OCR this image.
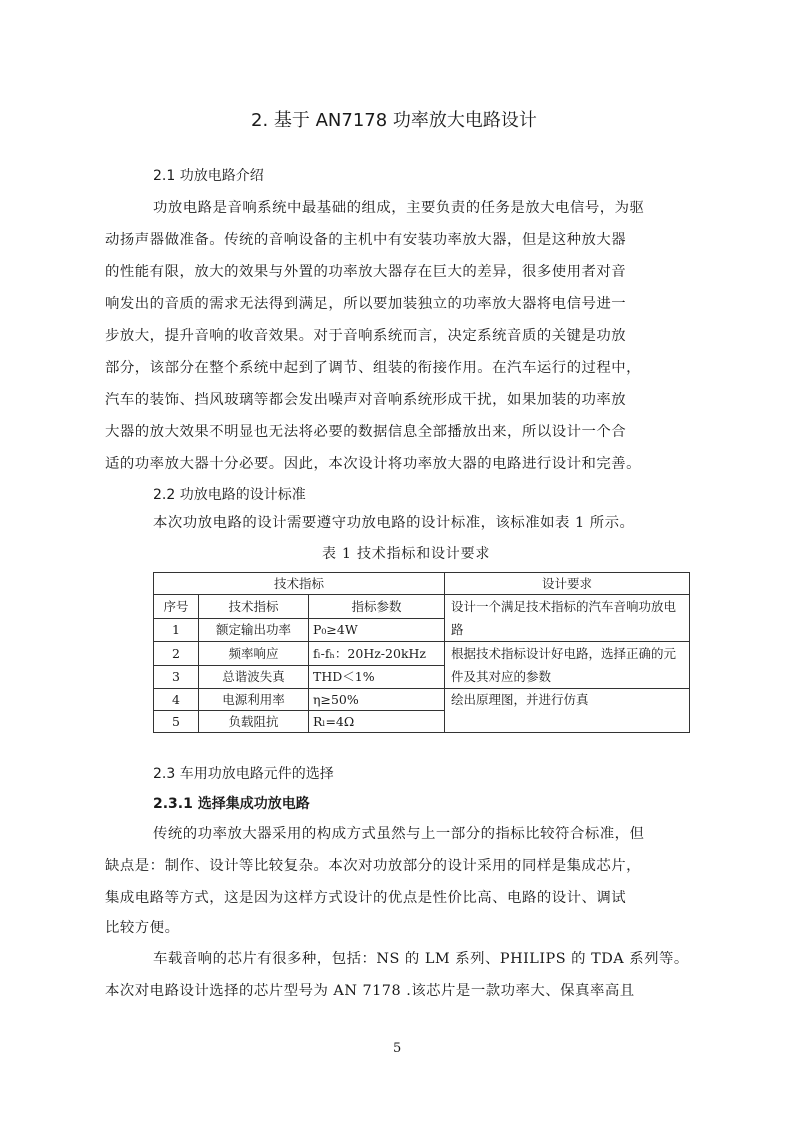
2. 基于 AN7178 功率放大电路设计
2.1 功放电路介绍
功放电路是音响系统中最基础的组成，主要负责的任务是放大电信号，为驱
动扬声器做准备。传统的音响设备的主机中有安装功率放大器，但是这种放大器
的性能有限，放大的效果与外置的功率放大器存在巨大的差异，很多使用者对音
响发出的音质的需求无法得到满足，所以要加装独立的功率放大器将电信号进一
步放大，提升音响的收音效果。对于音响系统而言，决定系统音质的关键是功放
部分，该部分在整个系统中起到了调节、组装的衔接作用。在汽车运行的过程中，
汽车的装饰、挡风玻璃等都会发出噪声对音响系统形成干扰，如果加装的功率放
大器的放大效果不明显也无法将必要的数据信息全部播放出来，所以设计一个合
适的功率放大器十分必要。因此，本次设计将功率放大器的电路进行设计和完善。
2.2 功放电路的设计标准
本次功放电路的设计需要遵守功放电路的设计标准，该标准如表 1 所示。
表 1 技术指标和设计要求
技术指标			设计要求
序号	技术指标	指标参数	设计一个满足技术指标的汽车音响功放电路
1	额定输出功率	P₀≥4W	
2	频率响应	fₗ-fₕ：20Hz-20kHz	根据技术指标设计好电路，选择正确的元件及其对应的参数
3	总谐波失真	THD＜1%	
4	电源利用率	η≥50%	绘出原理图，并进行仿真
5	负载阻抗	Rₗ=4Ω	
2.3 车用功放电路元件的选择
2.3.1 选择集成功放电路
传统的功率放大器采用的构成方式虽然与上一部分的指标比较符合标准，但
缺点是：制作、设计等比较复杂。本次对功放部分的设计采用的同样是集成芯片，
集成电路等方式，这是因为这样方式设计的优点是性价比高、电路的设计、调试
比较方便。
车载音响的芯片有很多种，包括：NS 的 LM 系列、PHILIPS 的 TDA 系列等。
本次对电路设计选择的芯片型号为 AN 7178 .该芯片是一款功率大、保真率高且
5
